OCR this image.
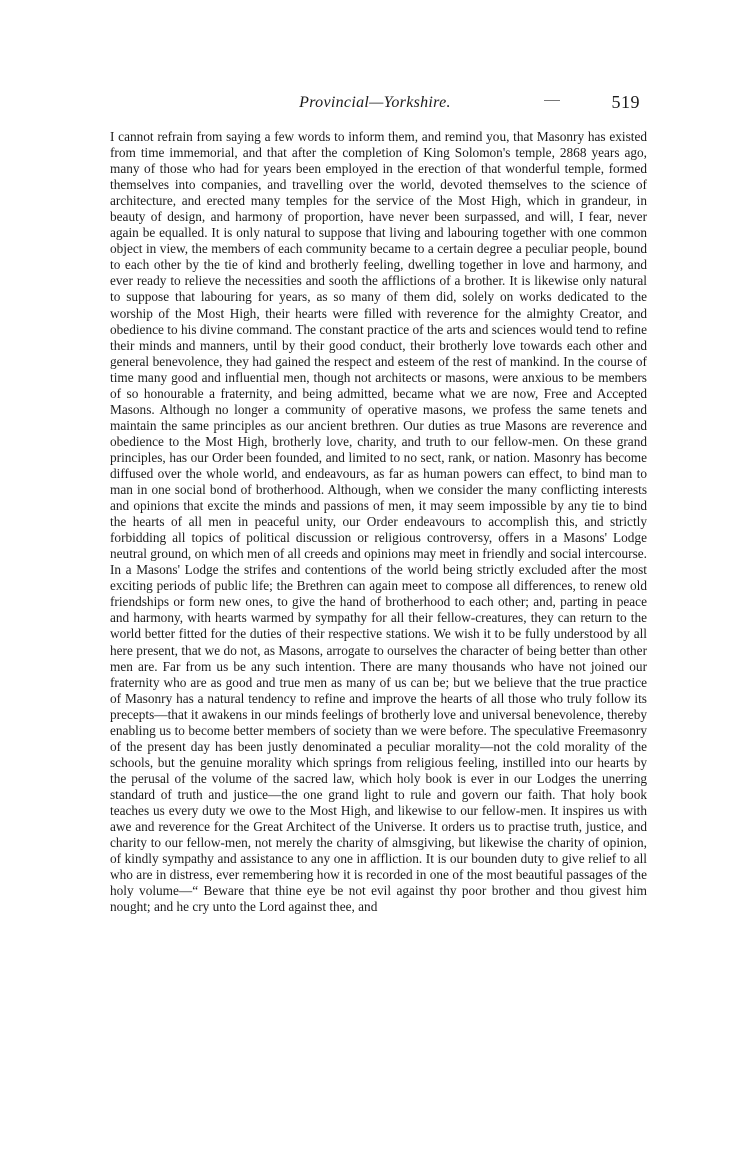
Provincial—Yorkshire.	519

I cannot refrain from saying a few words to inform them, and remind you, that Masonry has existed from time immemorial, and that after the completion of King Solomon's temple, 2868 years ago, many of those who had for years been employed in the erection of that wonderful temple, formed themselves into companies, and travelling over the world, devoted themselves to the science of architecture, and erected many temples for the service of the Most High, which in grandeur, in beauty of design, and harmony of proportion, have never been surpassed, and will, I fear, never again be equalled. It is only natural to suppose that living and labouring together with one common object in view, the members of each community became to a certain degree a peculiar people, bound to each other by the tie of kind and brotherly feeling, dwelling together in love and harmony, and ever ready to relieve the necessities and sooth the afflictions of a brother. It is likewise only natural to suppose that labouring for years, as so many of them did, solely on works dedicated to the worship of the Most High, their hearts were filled with reverence for the almighty Creator, and obedience to his divine command. The constant practice of the arts and sciences would tend to refine their minds and manners, until by their good conduct, their brotherly love towards each other and general benevolence, they had gained the respect and esteem of the rest of mankind. In the course of time many good and influential men, though not architects or masons, were anxious to be members of so honourable a fraternity, and being admitted, became what we are now, Free and Accepted Masons. Although no longer a community of operative masons, we profess the same tenets and maintain the same principles as our ancient brethren. Our duties as true Masons are reverence and obedience to the Most High, brotherly love, charity, and truth to our fellow-men. On these grand principles, has our Order been founded, and limited to no sect, rank, or nation. Masonry has become diffused over the whole world, and endeavours, as far as human powers can effect, to bind man to man in one social bond of brotherhood. Although, when we consider the many conflicting interests and opinions that excite the minds and passions of men, it may seem impossible by any tie to bind the hearts of all men in peaceful unity, our Order endeavours to accomplish this, and strictly forbidding all topics of political discussion or religious controversy, offers in a Masons' Lodge neutral ground, on which men of all creeds and opinions may meet in friendly and social intercourse. In a Masons' Lodge the strifes and contentions of the world being strictly excluded after the most exciting periods of public life; the Brethren can again meet to compose all differences, to renew old friendships or form new ones, to give the hand of brotherhood to each other; and, parting in peace and harmony, with hearts warmed by sympathy for all their fellow-creatures, they can return to the world better fitted for the duties of their respective stations. We wish it to be fully understood by all here present, that we do not, as Masons, arrogate to ourselves the character of being better than other men are. Far from us be any such intention. There are many thousands who have not joined our fraternity who are as good and true men as many of us can be; but we believe that the true practice of Masonry has a natural tendency to refine and improve the hearts of all those who truly follow its precepts—that it awakens in our minds feelings of brotherly love and universal benevolence, thereby enabling us to become better members of society than we were before. The speculative Freemasonry of the present day has been justly denominated a peculiar morality—not the cold morality of the schools, but the genuine morality which springs from religious feeling, instilled into our hearts by the perusal of the volume of the sacred law, which holy book is ever in our Lodges the unerring standard of truth and justice—the one grand light to rule and govern our faith. That holy book teaches us every duty we owe to the Most High, and likewise to our fellow-men. It inspires us with awe and reverence for the Great Architect of the Universe. It orders us to practise truth, justice, and charity to our fellow-men, not merely the charity of almsgiving, but likewise the charity of opinion, of kindly sympathy and assistance to any one in affliction. It is our bounden duty to give relief to all who are in distress, ever remembering how it is recorded in one of the most beautiful passages of the holy volume—“ Beware that thine eye be not evil against thy poor brother and thou givest him nought; and he cry unto the Lord against thee, and
